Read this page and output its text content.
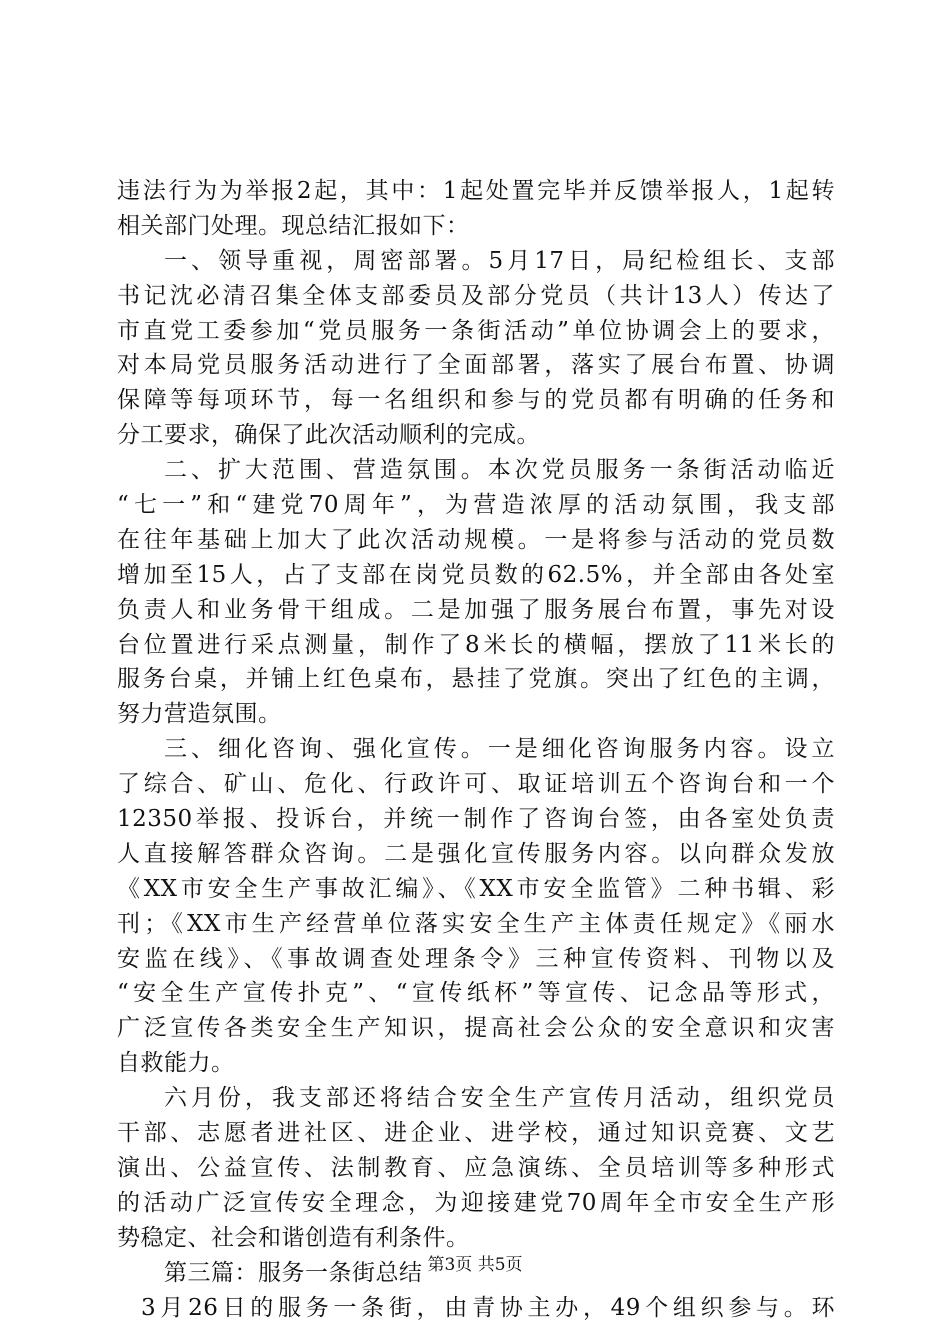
违法行为为举报2起，其中：1起处置完毕并反馈举报人，1起转
相关部门处理。现总结汇报如下：
一、领导重视，周密部署。5月17日，局纪检组长、支部
书记沈必清召集全体支部委员及部分党员（共计13人）传达了
市直党工委参加“党员服务一条街活动”单位协调会上的要求，
对本局党员服务活动进行了全面部署，落实了展台布置、协调
保障等每项环节，每一名组织和参与的党员都有明确的任务和
分工要求，确保了此次活动顺利的完成。
二、扩大范围、营造氛围。本次党员服务一条街活动临近
“七一”和“建党70周年”，为营造浓厚的活动氛围，我支部
在往年基础上加大了此次活动规模。一是将参与活动的党员数
增加至15人，占了支部在岗党员数的62.5%，并全部由各处室
负责人和业务骨干组成。二是加强了服务展台布置，事先对设
台位置进行采点测量，制作了8米长的横幅，摆放了11米长的
服务台桌，并铺上红色桌布，悬挂了党旗。突出了红色的主调，
努力营造氛围。
三、细化咨询、强化宣传。一是细化咨询服务内容。设立
了综合、矿山、危化、行政许可、取证培训五个咨询台和一个
12350举报、投诉台，并统一制作了咨询台签，由各室处负责
人直接解答群众咨询。二是强化宣传服务内容。以向群众发放
《XX市安全生产事故汇编》、《XX市安全监管》二种书辑、彩
刊；《XX市生产经营单位落实安全生产主体责任规定》《丽水
安监在线》、《事故调查处理条令》三种宣传资料、刊物以及
“安全生产宣传扑克”、“宣传纸杯”等宣传、记念品等形式，
广泛宣传各类安全生产知识，提高社会公众的安全意识和灾害
自救能力。
六月份，我支部还将结合安全生产宣传月活动，组织党员
干部、志愿者进社区、进企业、进学校，通过知识竞赛、文艺
演出、公益宣传、法制教育、应急演练、全员培训等多种形式
的活动广泛宣传安全理念，为迎接建党70周年全市安全生产形
势稳定、社会和谐创造有利条件。
第三篇：服务一条街总结
3月26日的服务一条街，由青协主办，49个组织参与。环
第3页 共5页
